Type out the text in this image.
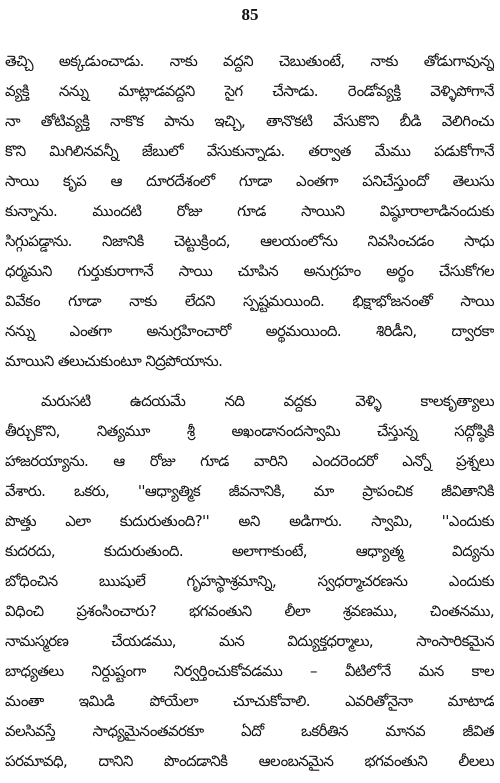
85
తెచ్చి అక్కడుంచాడు. నాకు వద్దని చెబుతుంటే, నాకు తోడుగావున్న
వ్యక్తి నన్ను మాట్లాడవద్దని సైగ చేసాడు. రెండోవ్యక్తి వెళ్ళిపోగానే
నా తోటివ్యక్తి నాకొక పాను ఇచ్చి, తానొకటి వేసుకొని బీడి వెలిగించు
కొని మిగిలినవన్నీ జేబులో వేసుకున్నాడు. తర్వాత మేము పడుకోగానే
సాయి కృప ఆ దూరదేశంలో గూడా ఎంతగా పనిచేస్తుందో తెలుసు
కున్నాను. ముందటి రోజు గూడ సాయిని విష్ఠూరాలాడినందుకు
సిగ్గుపడ్డాను. నిజానికి చెట్టుక్రింద, ఆలయంలోను నివసించడం సాధు
ధర్మమని గుర్తుకురాగానే సాయి చూపిన అనుగ్రహం అర్థం చేసుకోగల
వివేకం గూడా నాకు లేదని స్పష్టమయింది. భిక్షాభోజనంతో సాయి
నన్ను ఎంతగా అనుగ్రహించారో అర్థమయింది. శిరిడీని, ద్వారకా
మాయిని తలుచుకుంటూ నిద్రపోయాను.
మరుసటి ఉదయమే నది వద్దకు వెళ్ళి కాలకృత్యాలు
తీర్చుకొని, నిత్యమూ శ్రీ అఖండానందస్వామి చేస్తున్న సద్గోష్ఠికి
హాజరయ్యాను. ఆ రోజు గూడ వారిని ఎందరెందరో ఎన్నో ప్రశ్నలు
వేశారు. ఒకరు, ''ఆధ్యాత్మిక జీవనానికి, మా ప్రాపంచిక జీవితానికి
పొత్తు ఎలా కుదురుతుంది?'' అని అడిగారు. స్వామి, ''ఎందుకు
కుదరదు, కుదురుతుంది. అలాగాకుంటే, ఆధ్యాత్మ విద్యను
బోధించిన ఋషులే గృహస్థాశ్రమాన్ని, స్వధర్మాచరణను ఎందుకు
విధించి ప్రశంసించారు? భగవంతుని లీలా శ్రవణము, చింతనము,
నామస్మరణ చేయడము, మన విద్యుక్తధర్మాలు, సాంసారికమైన
బాధ్యతలు నిర్దుష్టంగా నిర్వర్తించుకోవడము – వీటిలోనే మన కాల
మంతా ఇమిడి పోయేలా చూచుకోవాలి. ఎవరితోనైనా మాటాడ
వలసివస్తే సాధ్యమైనంతవరకూ ఏదో ఒకరీతిన మానవ జీవిత
పరమావధి, దానిని పొందడానికి ఆలంబనమైన భగవంతుని లీలలు
